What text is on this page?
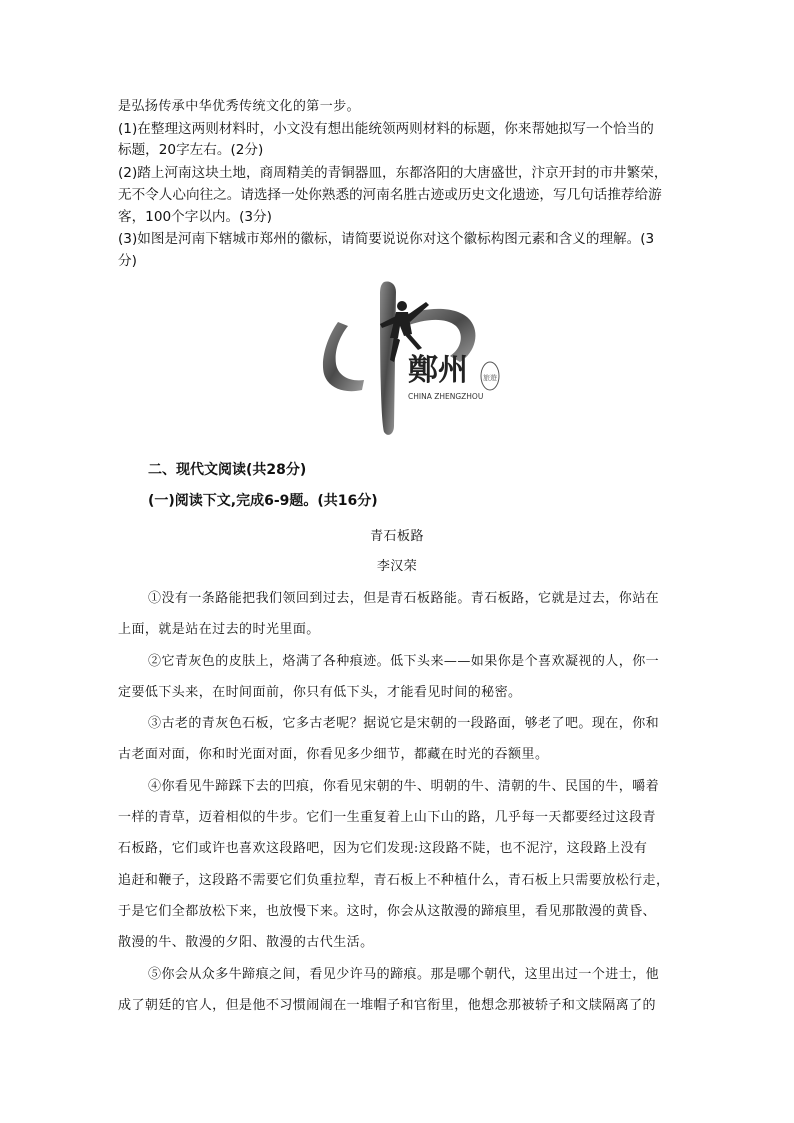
是弘扬传承中华优秀传统文化的第一步。
(1)在整理这两则材料时，小文没有想出能统领两则材料的标题，你来帮她拟写一个恰当的
标题，20字左右。(2分)
(2)踏上河南这块土地，商周精美的青铜器皿，东都洛阳的大唐盛世，汴京开封的市井繁荣，
无不令人心向往之。请选择一处你熟悉的河南名胜古迹或历史文化遗迹，写几句话推荐给游
客，100个字以内。(3分)
(3)如图是河南下辖城市郑州的徽标，请简要说说你对这个徽标构图元素和含义的理解。(3
分)
鄭州
CHINA ZHENGZHOU
旅遊
二、现代文阅读(共28分)
(一)阅读下文,完成6-9题。(共16分)
青石板路
李汉荣
①没有一条路能把我们领回到过去，但是青石板路能。青石板路，它就是过去，你站在
上面，就是站在过去的时光里面。
②它青灰色的皮肤上，烙满了各种痕迹。低下头来——如果你是个喜欢凝视的人，你一
定要低下头来，在时间面前，你只有低下头，才能看见时间的秘密。
③古老的青灰色石板，它多古老呢？据说它是宋朝的一段路面，够老了吧。现在，你和
古老面对面，你和时光面对面，你看见多少细节，都藏在时光的吞额里。
④你看见牛蹄踩下去的凹痕，你看见宋朝的牛、明朝的牛、清朝的牛、民国的牛，嚼着
一样的青草，迈着相似的牛步。它们一生重复着上山下山的路，几乎每一天都要经过这段青
石板路，它们或许也喜欢这段路吧，因为它们发现:这段路不陡，也不泥泞，这段路上没有
追赶和鞭子，这段路不需要它们负重拉犁，青石板上不种植什么，青石板上只需要放松行走，
于是它们全都放松下来，也放慢下来。这时，你会从这散漫的蹄痕里，看见那散漫的黄昏、
散漫的牛、散漫的夕阳、散漫的古代生活。
⑤你会从众多牛蹄痕之间，看见少许马的蹄痕。那是哪个朝代，这里出过一个进士，他
成了朝廷的官人，但是他不习惯闹闹在一堆帽子和官衔里，他想念那被轿子和文牍隔离了的
